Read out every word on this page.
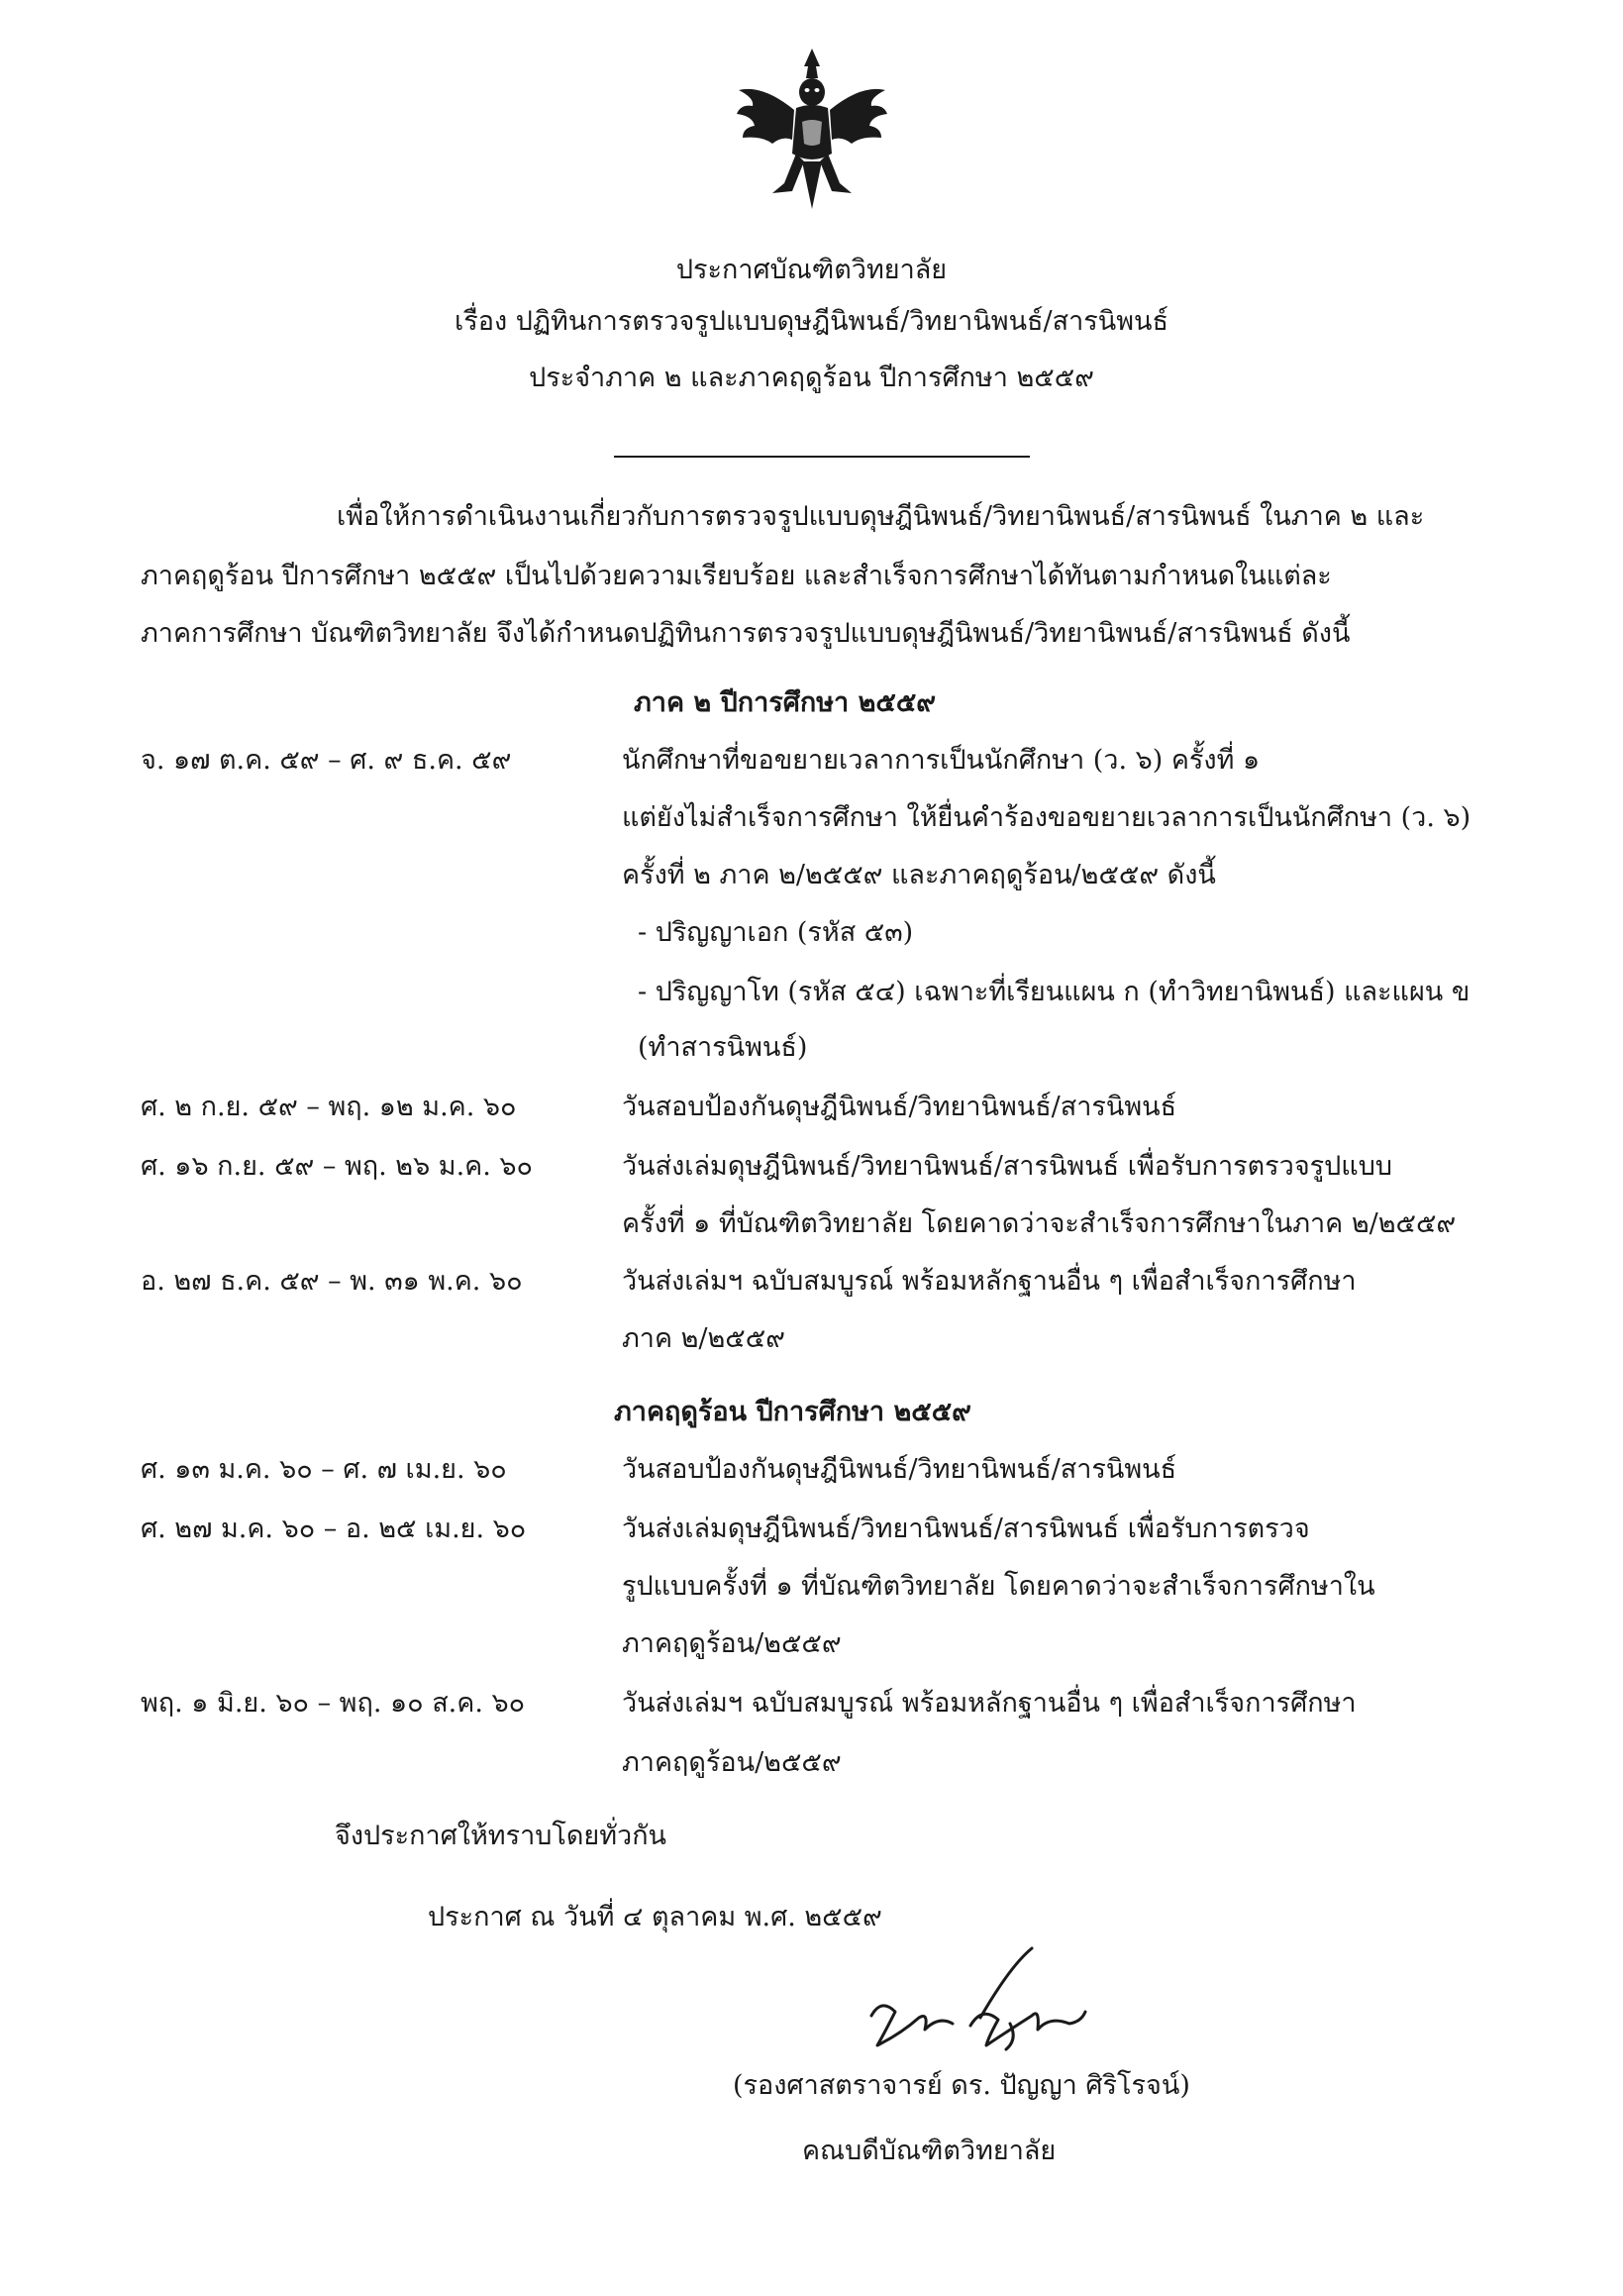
ประกาศบัณฑิตวิทยาลัย
เรื่อง ปฏิทินการตรวจรูปแบบดุษฎีนิพนธ์/วิทยานิพนธ์/สารนิพนธ์
ประจำภาค ๒ และภาคฤดูร้อน ปีการศึกษา ๒๕๕๙
เพื่อให้การดำเนินงานเกี่ยวกับการตรวจรูปแบบดุษฎีนิพนธ์/วิทยานิพนธ์/สารนิพนธ์ ในภาค ๒ และ
ภาคฤดูร้อน ปีการศึกษา ๒๕๕๙ เป็นไปด้วยความเรียบร้อย และสำเร็จการศึกษาได้ทันตามกำหนดในแต่ละ
ภาคการศึกษา บัณฑิตวิทยาลัย จึงได้กำหนดปฏิทินการตรวจรูปแบบดุษฎีนิพนธ์/วิทยานิพนธ์/สารนิพนธ์ ดังนี้
ภาค ๒ ปีการศึกษา ๒๕๕๙
จ. ๑๗ ต.ค. ๕๙ – ศ. ๙ ธ.ค. ๕๙	นักศึกษาที่ขอขยายเวลาการเป็นนักศึกษา (ว. ๖) ครั้งที่ ๑
แต่ยังไม่สำเร็จการศึกษา ให้ยื่นคำร้องขอขยายเวลาการเป็นนักศึกษา (ว. ๖)
ครั้งที่ ๒ ภาค ๒/๒๕๕๙ และภาคฤดูร้อน/๒๕๕๙ ดังนี้
- ปริญญาเอก (รหัส ๕๓)
- ปริญญาโท (รหัส ๕๔) เฉพาะที่เรียนแผน ก (ทำวิทยานิพนธ์) และแผน ข
(ทำสารนิพนธ์)
ศ. ๒ ก.ย. ๕๙ – พฤ. ๑๒ ม.ค. ๖๐	วันสอบป้องกันดุษฎีนิพนธ์/วิทยานิพนธ์/สารนิพนธ์
ศ. ๑๖ ก.ย. ๕๙ – พฤ. ๒๖ ม.ค. ๖๐	วันส่งเล่มดุษฎีนิพนธ์/วิทยานิพนธ์/สารนิพนธ์ เพื่อรับการตรวจรูปแบบ
ครั้งที่ ๑ ที่บัณฑิตวิทยาลัย โดยคาดว่าจะสำเร็จการศึกษาในภาค ๒/๒๕๕๙
อ. ๒๗ ธ.ค. ๕๙ – พ. ๓๑ พ.ค. ๖๐	วันส่งเล่มฯ ฉบับสมบูรณ์ พร้อมหลักฐานอื่น ๆ เพื่อสำเร็จการศึกษา
ภาค ๒/๒๕๕๙
ภาคฤดูร้อน ปีการศึกษา ๒๕๕๙
ศ. ๑๓ ม.ค. ๖๐ – ศ. ๗ เม.ย. ๖๐	วันสอบป้องกันดุษฎีนิพนธ์/วิทยานิพนธ์/สารนิพนธ์
ศ. ๒๗ ม.ค. ๖๐ – อ. ๒๕ เม.ย. ๖๐	วันส่งเล่มดุษฎีนิพนธ์/วิทยานิพนธ์/สารนิพนธ์ เพื่อรับการตรวจ
รูปแบบครั้งที่ ๑ ที่บัณฑิตวิทยาลัย โดยคาดว่าจะสำเร็จการศึกษาใน
ภาคฤดูร้อน/๒๕๕๙
พฤ. ๑ มิ.ย. ๖๐ – พฤ. ๑๐ ส.ค. ๖๐	วันส่งเล่มฯ ฉบับสมบูรณ์ พร้อมหลักฐานอื่น ๆ เพื่อสำเร็จการศึกษา
ภาคฤดูร้อน/๒๕๕๙
จึงประกาศให้ทราบโดยทั่วกัน
ประกาศ ณ วันที่ ๔ ตุลาคม พ.ศ. ๒๕๕๙
(รองศาสตราจารย์ ดร. ปัญญา ศิริโรจน์)
คณบดีบัณฑิตวิทยาลัย
